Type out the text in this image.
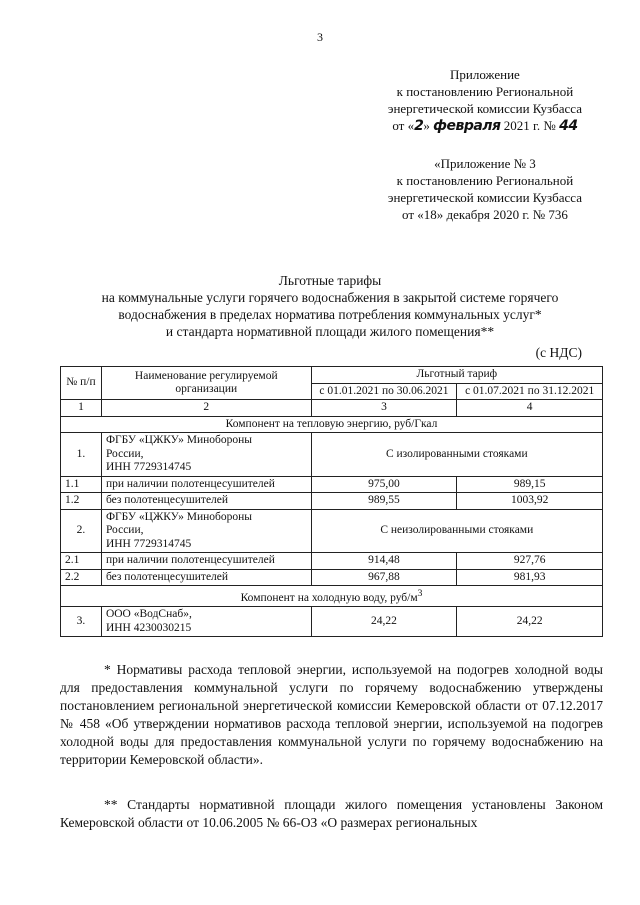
3
Приложение
к постановлению Региональной
энергетической комиссии Кузбасса
от «2» февраля 2021 г. № 44
«Приложение № 3
к постановлению Региональной
энергетической комиссии Кузбасса
от «18» декабря 2020 г. № 736
Льготные тарифы
на коммунальные услуги горячего водоснабжения в закрытой системе горячего
водоснабжения в пределах норматива потребления коммунальных услуг*
и стандарта нормативной площади жилого помещения**
(с НДС)
№ п/п	Наименование регулируемой организации	Льготный тариф	
		с 01.01.2021 по 30.06.2021	с 01.07.2021 по 31.12.2021
1	2	3	4
Компонент на тепловую энергию, руб/Гкал			
1.	ФГБУ «ЦЖКУ» Минобороны
России,
ИНН 7729314745	С изолированными стояками	
1.1	при наличии полотенцесушителей	975,00	989,15
1.2	без полотенцесушителей	989,55	1003,92
2.	ФГБУ «ЦЖКУ» Минобороны
России,
ИНН 7729314745	С неизолированными стояками	
2.1	при наличии полотенцесушителей	914,48	927,76
2.2	без полотенцесушителей	967,88	981,93
Компонент на холодную воду, руб/$м^3$
3.	ООО «ВодСнаб»,
ИНН 4230030215	24,22	24,22
* Нормативы расхода тепловой энергии, используемой на подогрев холодной воды для предоставления коммунальной услуги по горячему водоснабжению утверждены постановлением региональной энергетической комиссии Кемеровской области от 07.12.2017 № 458 «Об утверждении нормативов расхода тепловой энергии, используемой на подогрев холодной воды для предоставления коммунальной услуги по горячему водоснабжению на территории Кемеровской области».
** Стандарты нормативной площади жилого помещения установлены Законом Кемеровской области от 10.06.2005 № 66-ОЗ «О размерах региональных
